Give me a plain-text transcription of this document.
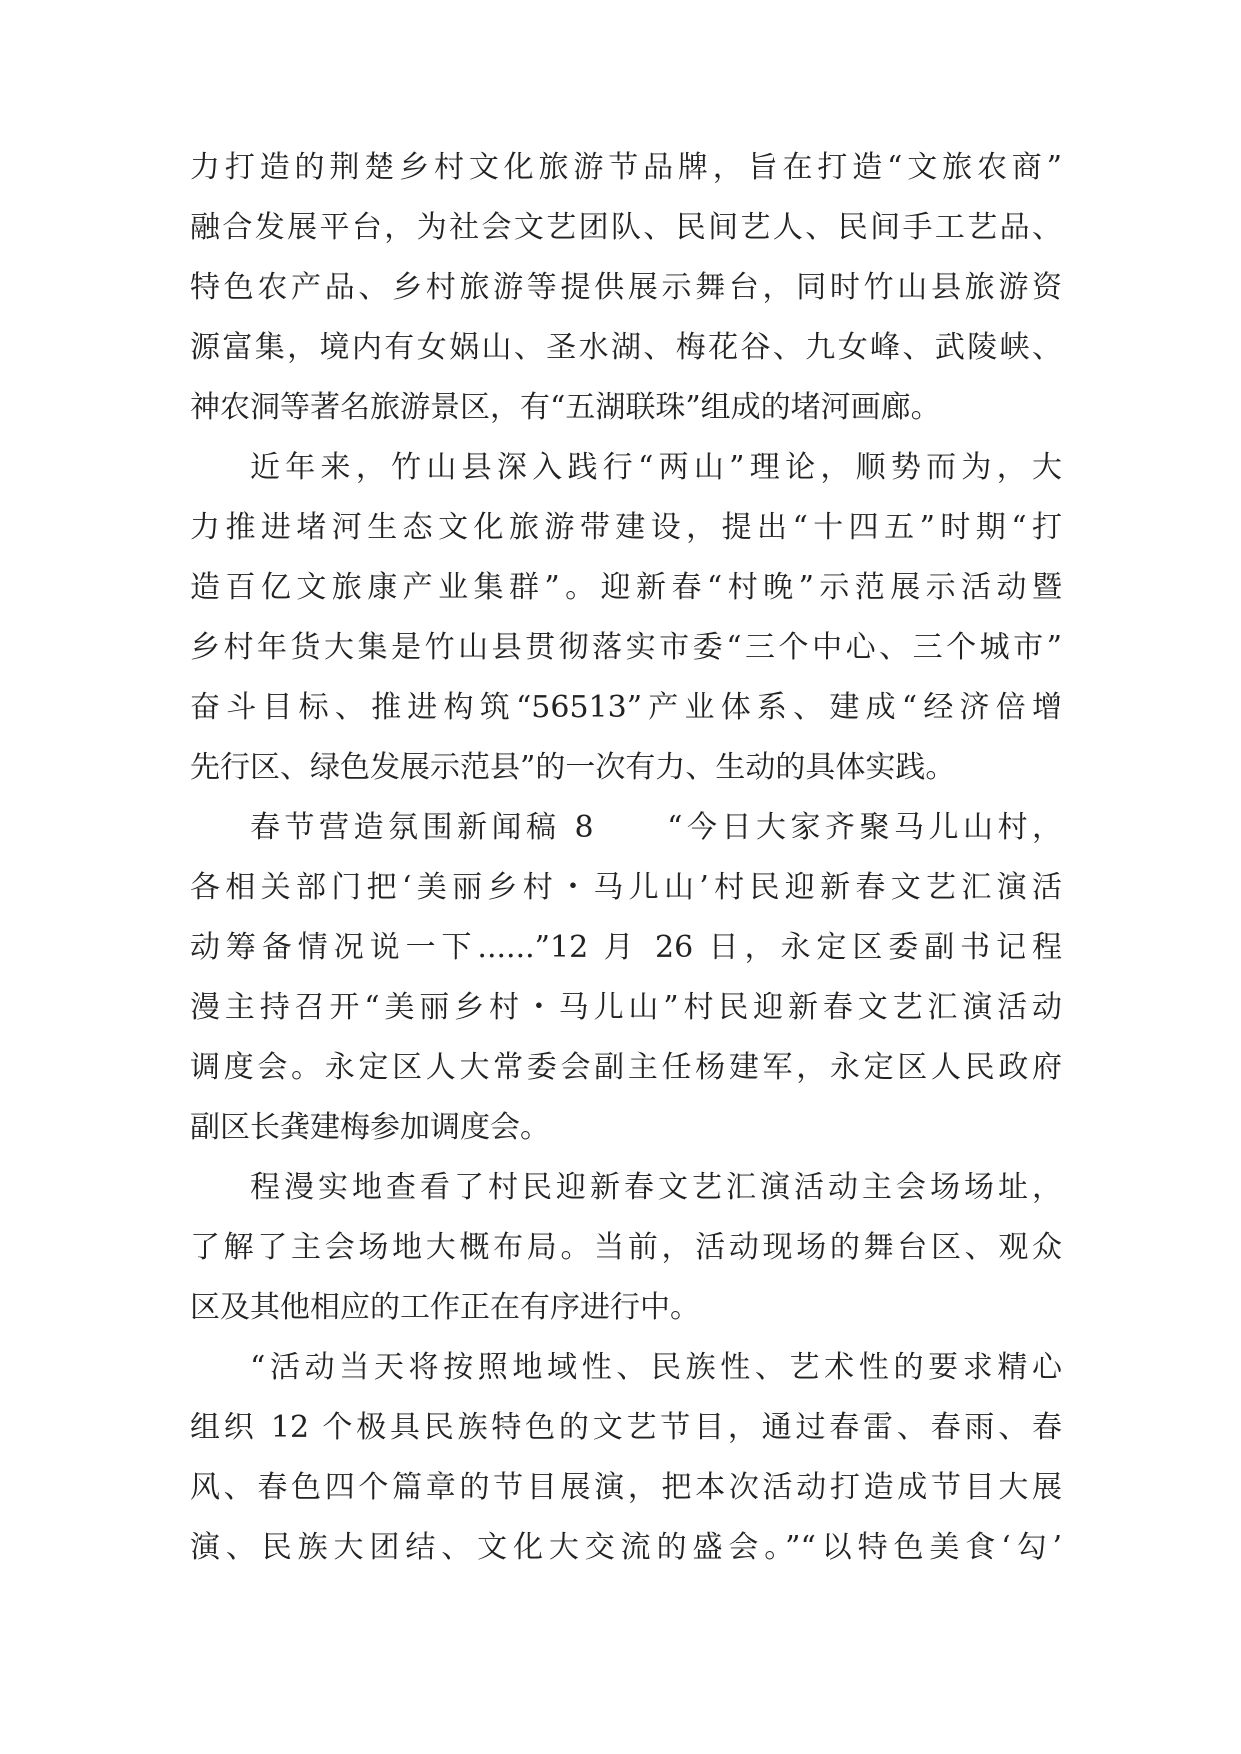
力打造的荆楚乡村文化旅游节品牌，旨在打造“文旅农商”
融合发展平台，为社会文艺团队、民间艺人、民间手工艺品、
特色农产品、乡村旅游等提供展示舞台，同时竹山县旅游资
源富集，境内有女娲山、圣水湖、梅花谷、九女峰、武陵峡、
神农洞等著名旅游景区，有“五湖联珠”组成的堵河画廊。
近年来，竹山县深入践行“两山”理论，顺势而为，大
力推进堵河生态文化旅游带建设，提出“十四五”时期“打
造百亿文旅康产业集群”。迎新春“村晚”示范展示活动暨
乡村年货大集是竹山县贯彻落实市委“三个中心、三个城市”
奋斗目标、推进构筑“56513”产业体系、建成“经济倍增
先行区、绿色发展示范县”的一次有力、生动的具体实践。
春节营造氛围新闻稿 8　　“今日大家齐聚马儿山村，
各相关部门把‘美丽乡村・马儿山’村民迎新春文艺汇演活
动筹备情况说一下......”12 月 26 日，永定区委副书记程
漫主持召开“美丽乡村・马儿山”村民迎新春文艺汇演活动
调度会。永定区人大常委会副主任杨建军，永定区人民政府
副区长龚建梅参加调度会。
程漫实地查看了村民迎新春文艺汇演活动主会场场址，
了解了主会场地大概布局。当前，活动现场的舞台区、观众
区及其他相应的工作正在有序进行中。
“活动当天将按照地域性、民族性、艺术性的要求精心
组织 12 个极具民族特色的文艺节目，通过春雷、春雨、春
风、春色四个篇章的节目展演，把本次活动打造成节目大展
演、民族大团结、文化大交流的盛会。”“以特色美食‘勾’
